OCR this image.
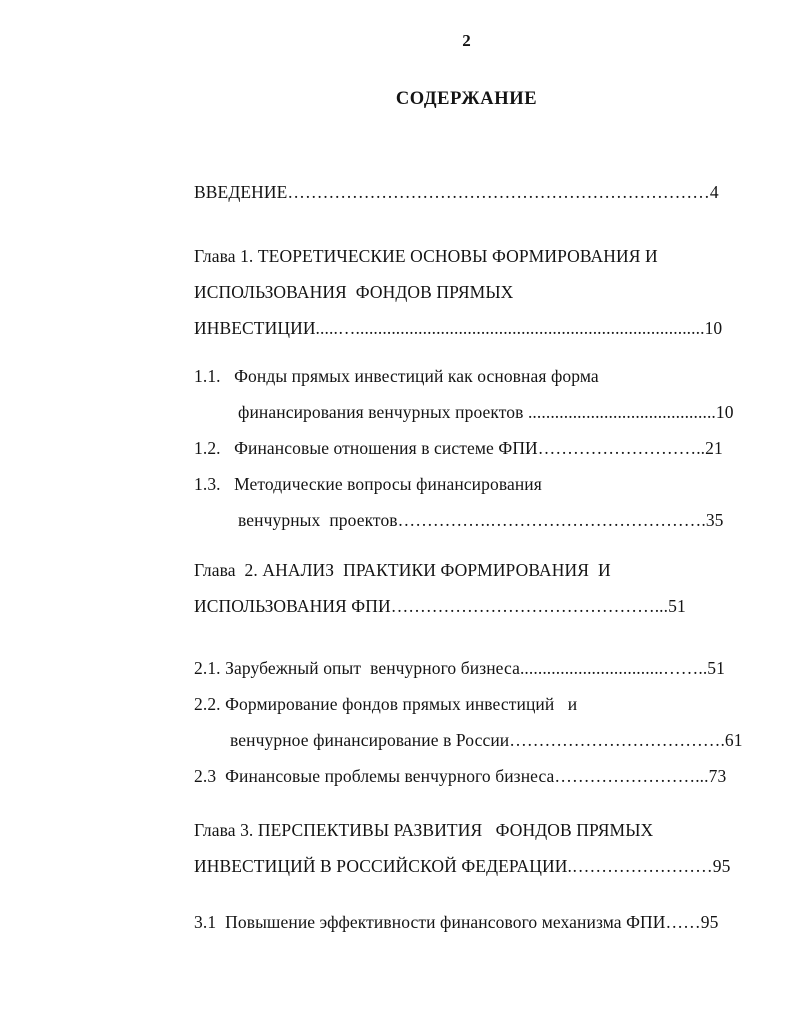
2
СОДЕРЖАНИЕ
ВВЕДЕНИЕ………………………………………………………………4
Глава 1. ТЕОРЕТИЧЕСКИЕ ОСНОВЫ ФОРМИРОВАНИЯ И
ИСПОЛЬЗОВАНИЯ  ФОНДОВ ПРЯМЫХ
ИНВЕСТИЦИИ.....…..............................................................................10
1.1.   Фонды прямых инвестиций как основная форма
финансирования венчурных проектов ..........................................10
1.2.   Финансовые отношения в системе ФПИ………………………..21
1.3.   Методические вопросы финансирования
венчурных  проектов…………….……………………………….35
Глава  2. АНАЛИЗ  ПРАКТИКИ ФОРМИРОВАНИЯ  И
ИСПОЛЬЗОВАНИЯ ФПИ………………………………………...51
2.1. Зарубежный опыт  венчурного бизнеса................................……..51
2.2. Формирование фондов прямых инвестиций   и
венчурное финансирование в России……………………………….61
2.3  Финансовые проблемы венчурного бизнеса……………………...73
Глава 3. ПЕРСПЕКТИВЫ РАЗВИТИЯ   ФОНДОВ ПРЯМЫХ
ИНВЕСТИЦИЙ В РОССИЙСКОЙ ФЕДЕРАЦИИ.……………………95
3.1  Повышение эффективности финансового механизма ФПИ……95
